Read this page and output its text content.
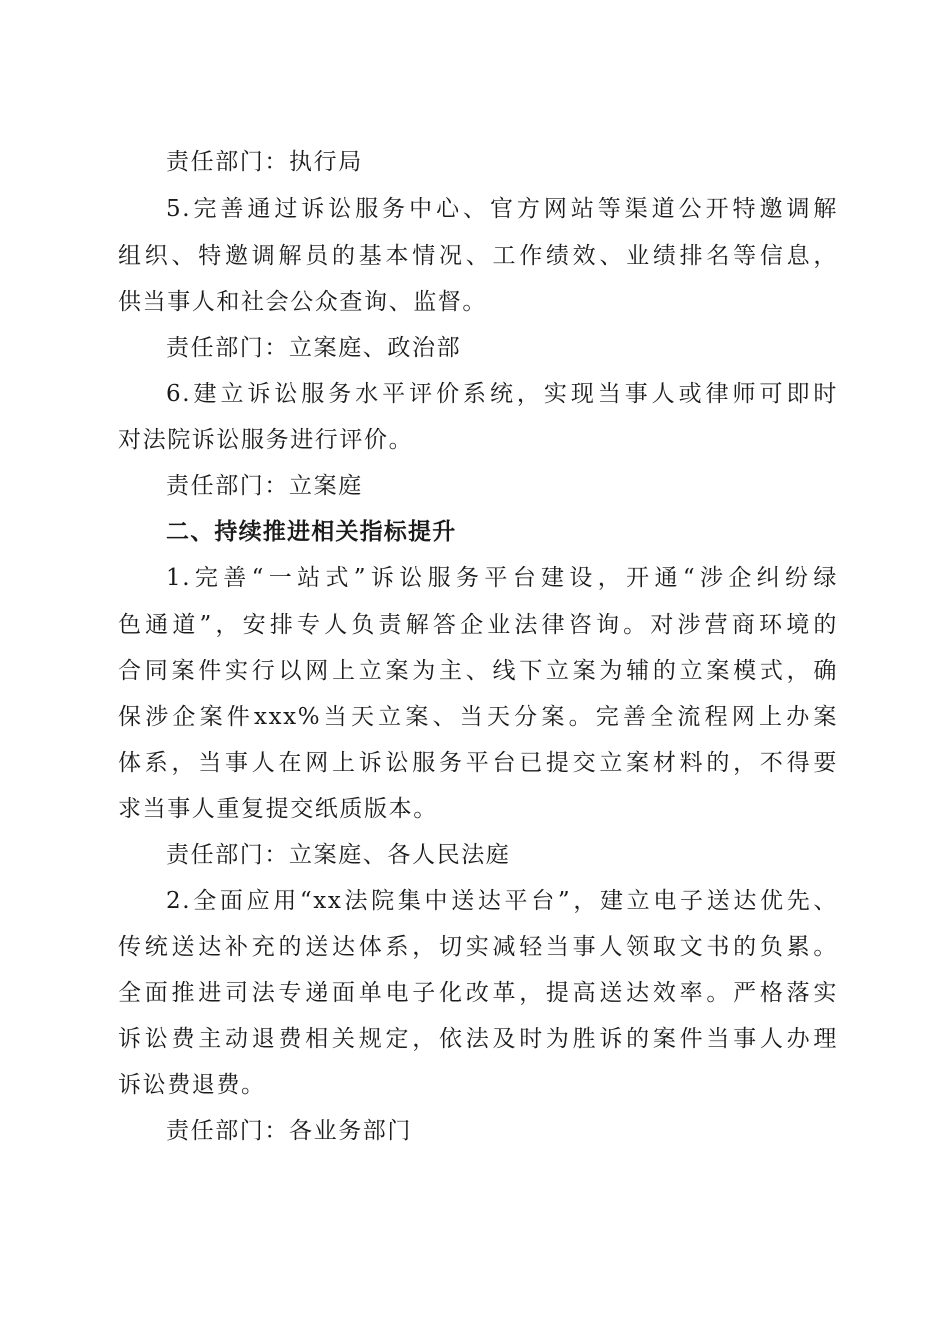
责任部门：执行局
5.完善通过诉讼服务中心、官方网站等渠道公开特邀调解
组织、特邀调解员的基本情况、工作绩效、业绩排名等信息，
供当事人和社会公众查询、监督。
责任部门：立案庭、政治部
6.建立诉讼服务水平评价系统，实现当事人或律师可即时
对法院诉讼服务进行评价。
责任部门：立案庭
二、持续推进相关指标提升
1.完善“一站式”诉讼服务平台建设，开通“涉企纠纷绿
色通道”，安排专人负责解答企业法律咨询。对涉营商环境的
合同案件实行以网上立案为主、线下立案为辅的立案模式，确
保涉企案件xxx%当天立案、当天分案。完善全流程网上办案
体系，当事人在网上诉讼服务平台已提交立案材料的，不得要
求当事人重复提交纸质版本。
责任部门：立案庭、各人民法庭
2.全面应用“xx法院集中送达平台”，建立电子送达优先、
传统送达补充的送达体系，切实减轻当事人领取文书的负累。
全面推进司法专递面单电子化改革，提高送达效率。严格落实
诉讼费主动退费相关规定，依法及时为胜诉的案件当事人办理
诉讼费退费。
责任部门：各业务部门
